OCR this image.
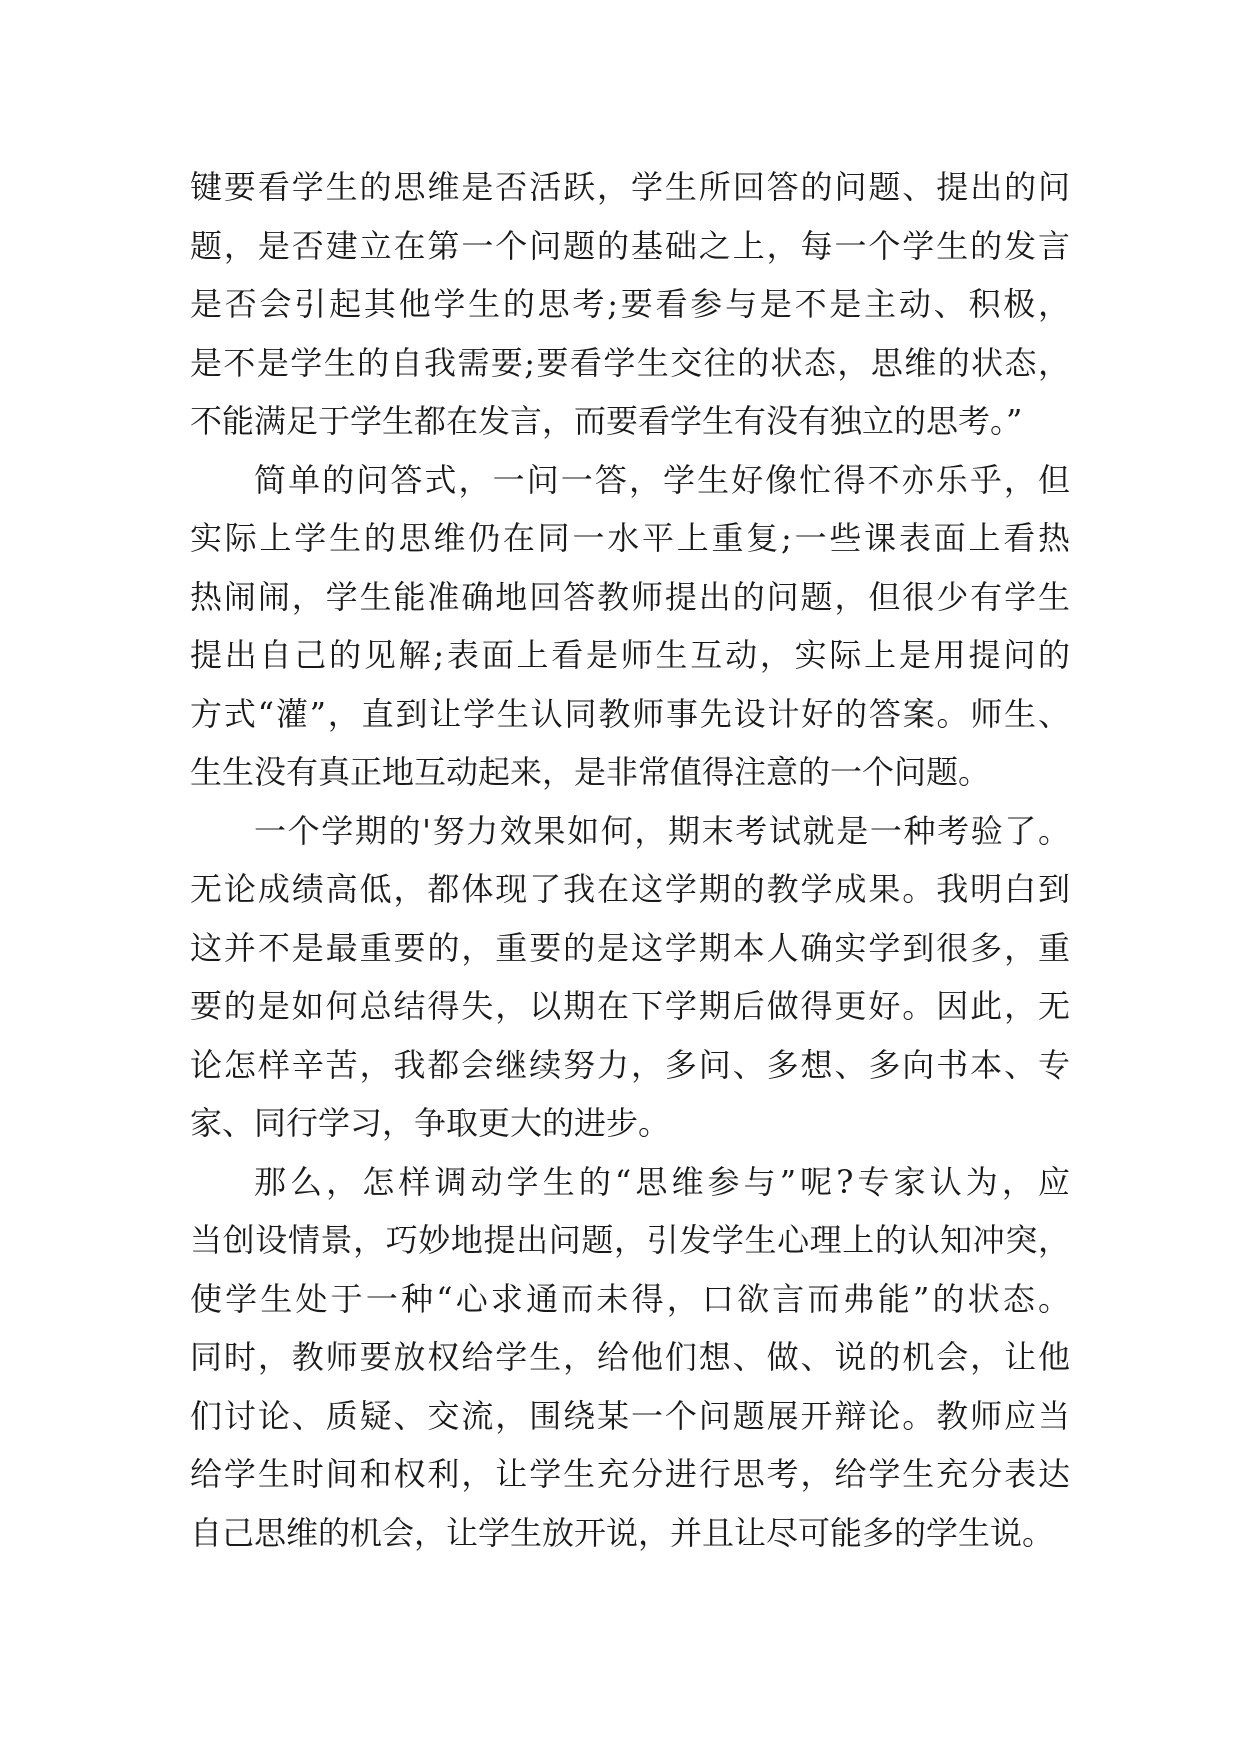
键要看学生的思维是否活跃，学生所回答的问题、提出的问
题，是否建立在第一个问题的基础之上，每一个学生的发言
是否会引起其他学生的思考;要看参与是不是主动、积极，
是不是学生的自我需要;要看学生交往的状态，思维的状态，
不能满足于学生都在发言，而要看学生有没有独立的思考。”
简单的问答式，一问一答，学生好像忙得不亦乐乎，但
实际上学生的思维仍在同一水平上重复;一些课表面上看热
热闹闹，学生能准确地回答教师提出的问题，但很少有学生
提出自己的见解;表面上看是师生互动，实际上是用提问的
方式“灌”，直到让学生认同教师事先设计好的答案。师生、
生生没有真正地互动起来，是非常值得注意的一个问题。
一个学期的'努力效果如何，期末考试就是一种考验了。
无论成绩高低，都体现了我在这学期的教学成果。我明白到
这并不是最重要的，重要的是这学期本人确实学到很多，重
要的是如何总结得失，以期在下学期后做得更好。因此，无
论怎样辛苦，我都会继续努力，多问、多想、多向书本、专
家、同行学习，争取更大的进步。
那么，怎样调动学生的“思维参与”呢?专家认为，应
当创设情景，巧妙地提出问题，引发学生心理上的认知冲突，
使学生处于一种“心求通而未得，口欲言而弗能”的状态。
同时，教师要放权给学生，给他们想、做、说的机会，让他
们讨论、质疑、交流，围绕某一个问题展开辩论。教师应当
给学生时间和权利，让学生充分进行思考，给学生充分表达
自己思维的机会，让学生放开说，并且让尽可能多的学生说。
